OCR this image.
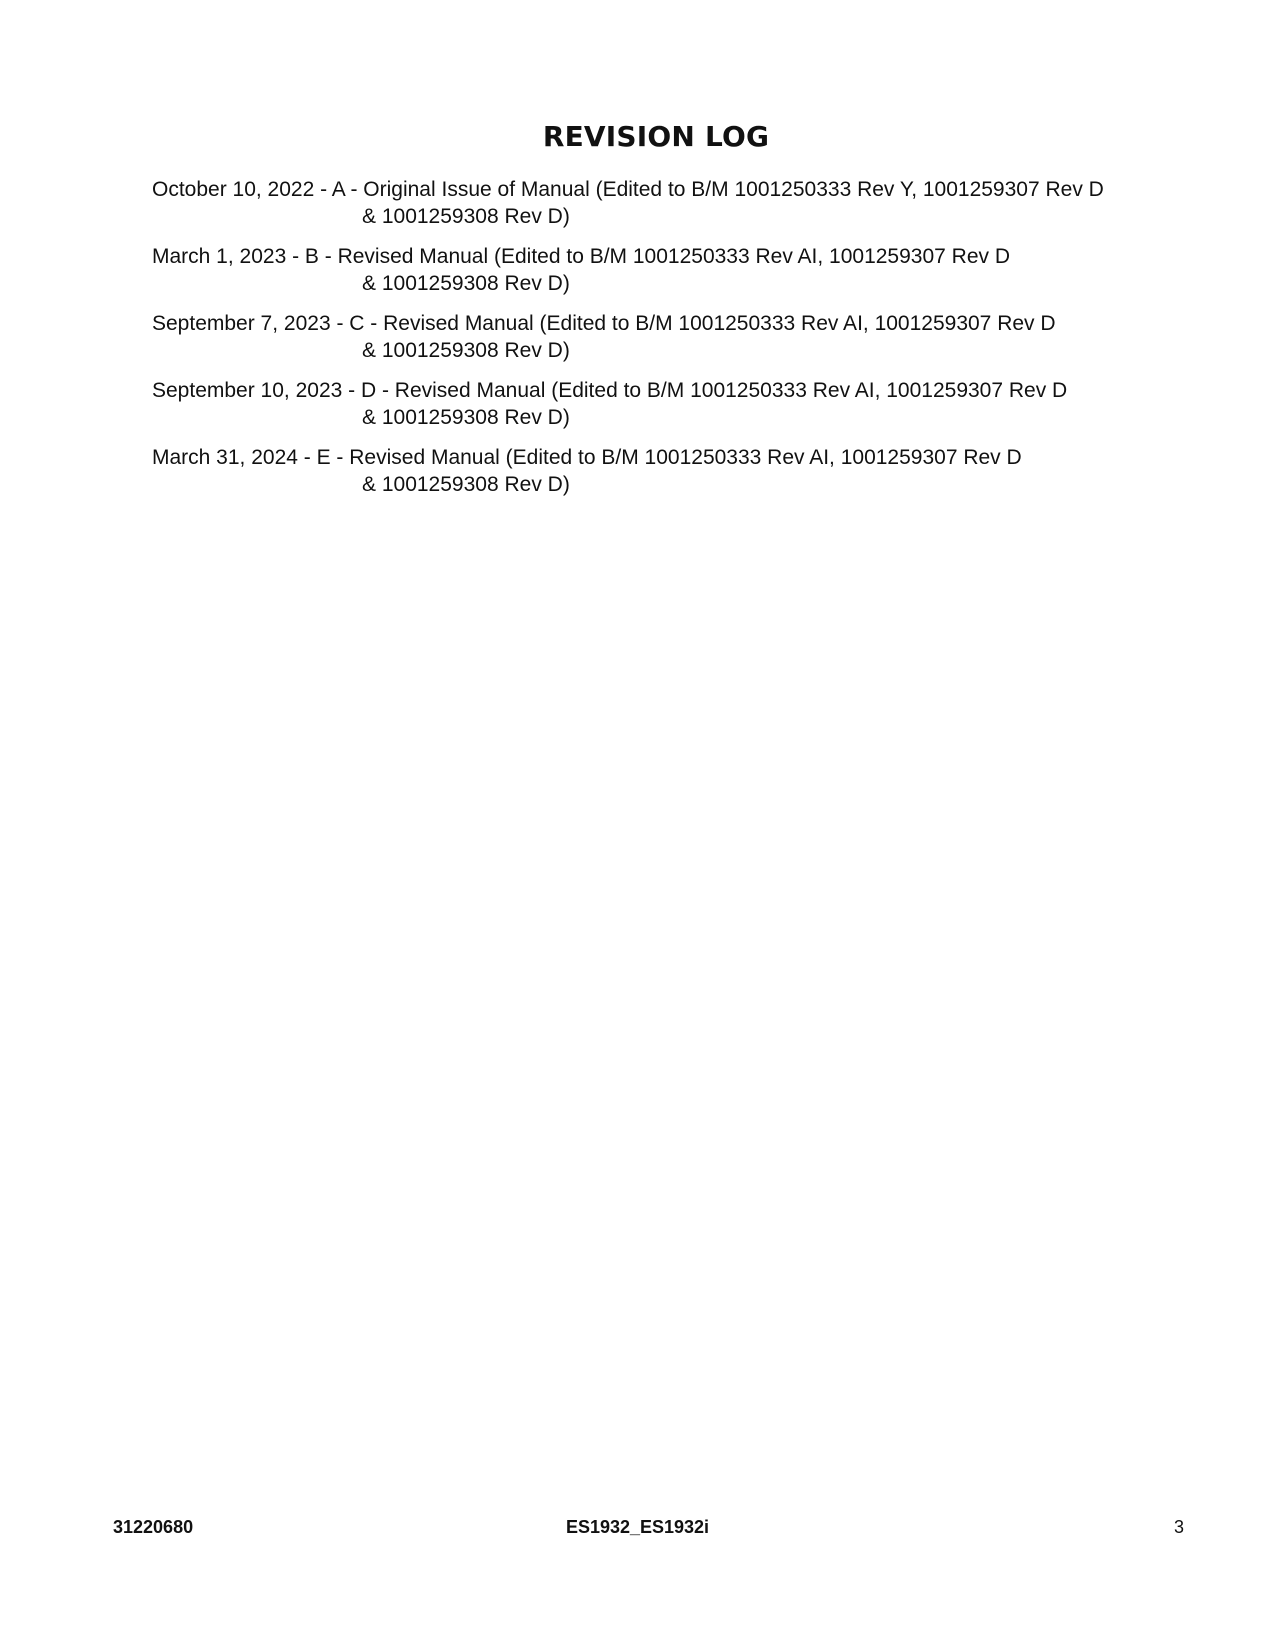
REVISION LOG
October 10, 2022 - A - Original Issue of Manual (Edited to B/M 1001250333 Rev Y, 1001259307 Rev D
& 1001259308 Rev D)
March 1, 2023 - B - Revised Manual (Edited to B/M 1001250333 Rev AI, 1001259307 Rev D
& 1001259308 Rev D)
September 7, 2023 - C - Revised Manual (Edited to B/M 1001250333 Rev AI, 1001259307 Rev D
& 1001259308 Rev D)
September 10, 2023 - D - Revised Manual (Edited to B/M 1001250333 Rev AI, 1001259307 Rev D
& 1001259308 Rev D)
March 31, 2024 - E - Revised Manual (Edited to B/M 1001250333 Rev AI, 1001259307 Rev D
& 1001259308 Rev D)
31220680	ES1932_ES1932i	3
